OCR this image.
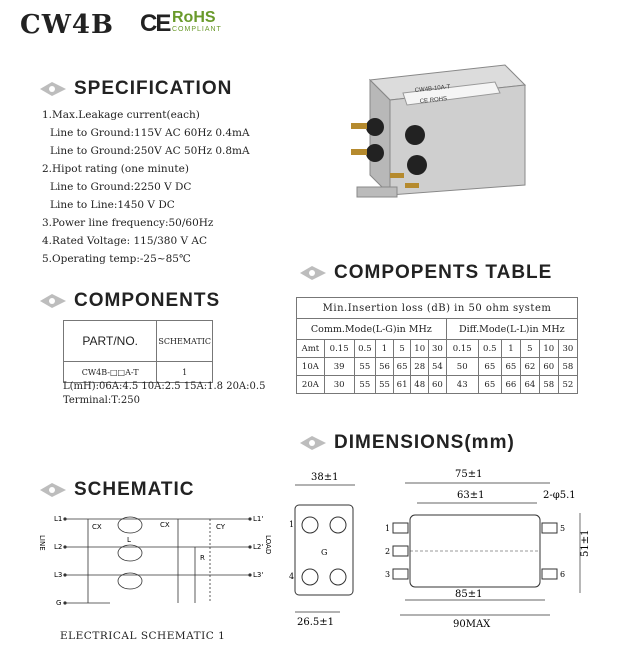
CW4B CE RoHS
COMPLIANT
SPECIFICATION
1.Max.Leakage current(each)
Line to Ground:115V AC 60Hz 0.4mA
Line to Ground:250V AC 50Hz 0.8mA
2.Hipot rating (one minute)
Line to Ground:2250 V DC
Line to Line:1450 V DC
3.Power line frequency:50/60Hz
4.Rated Voltage: 115/380 V AC
5.Operating temp:-25~85℃
CW4B-10A-T
CE ROHS
COMPONENTS
PART/NO.	SCHEMATIC
CW4B-□□A-T	1
L(mH):06A:4.5 10A:2.5 15A:1.8 20A:0.5
Terminal:T:250
COMPOPENTS TABLE
Min.Insertion loss (dB) in 50 ohm system												
Comm.Mode(L-G)in MHz							Diff.Mode(L-L)in MHz					
Amt	0.15	0.5	1	5	10	30	0.15	0.5	1	5	10	30
10A	39	55	56	65	28	54	50	65	65	62	60	58
20A	30	55	55	61	48	60	43	65	66	64	58	52
SCHEMATIC
L1
L2
L3
G
L1'
L2'
L3'
CX
L
CX	CY
R
LINE	LOAD
ELECTRICAL SCHEMATIC 1
DIMENSIONS(mm)
38±1
G
1
4
26.5±1
75±1
63±1	2-φ5.1
1
2
3
5
6
51±1
85±1
90MAX
